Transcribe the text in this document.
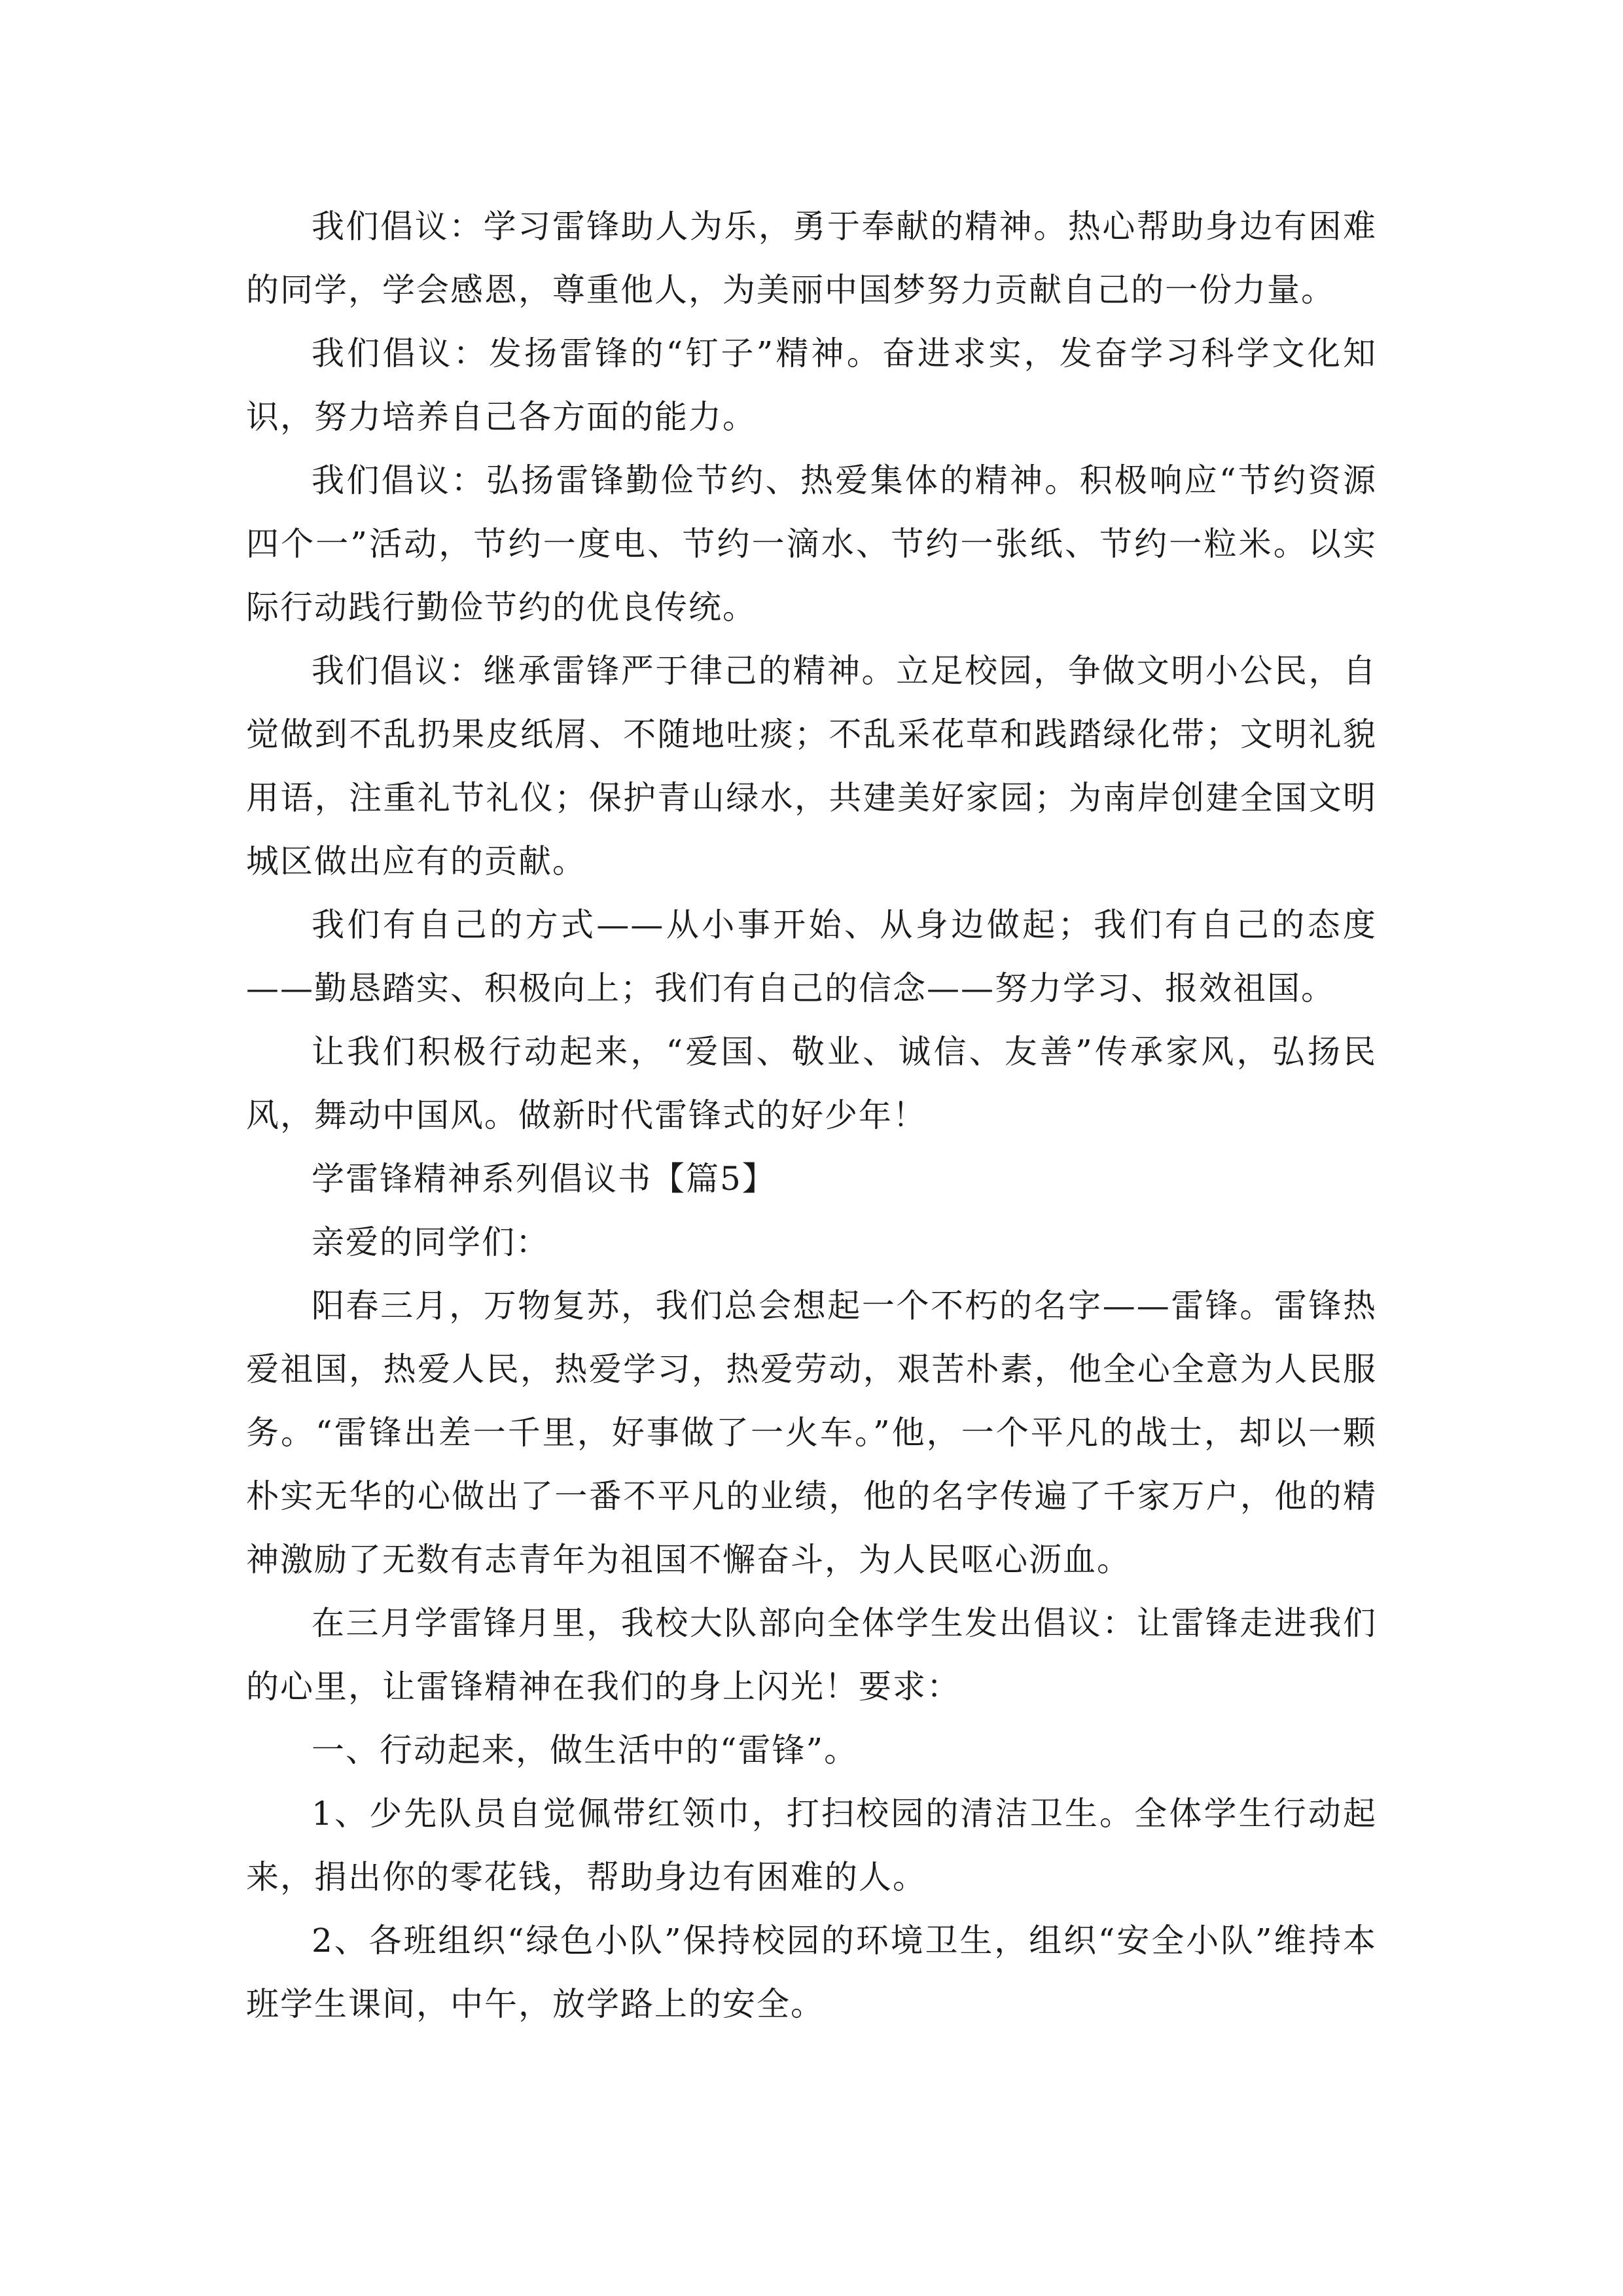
我们倡议：学习雷锋助人为乐，勇于奉献的精神。热心帮助身边有困难的同学，学会感恩，尊重他人，为美丽中国梦努力贡献自己的一份力量。

我们倡议：发扬雷锋的“钉子”精神。奋进求实，发奋学习科学文化知识，努力培养自己各方面的能力。

我们倡议：弘扬雷锋勤俭节约、热爱集体的精神。积极响应“节约资源四个一”活动，节约一度电、节约一滴水、节约一张纸、节约一粒米。以实际行动践行勤俭节约的优良传统。

我们倡议：继承雷锋严于律己的精神。立足校园，争做文明小公民，自觉做到不乱扔果皮纸屑、不随地吐痰；不乱采花草和践踏绿化带；文明礼貌用语，注重礼节礼仪；保护青山绿水，共建美好家园；为南岸创建全国文明城区做出应有的贡献。

我们有自己的方式——从小事开始、从身边做起；我们有自己的态度——勤恳踏实、积极向上；我们有自己的信念——努力学习、报效祖国。

让我们积极行动起来，“爱国、敬业、诚信、友善”传承家风，弘扬民风，舞动中国风。做新时代雷锋式的好少年！

学雷锋精神系列倡议书【篇5】

亲爱的同学们：

阳春三月，万物复苏，我们总会想起一个不朽的名字——雷锋。雷锋热爱祖国，热爱人民，热爱学习，热爱劳动，艰苦朴素，他全心全意为人民服务。“雷锋出差一千里，好事做了一火车。”他，一个平凡的战士，却以一颗朴实无华的心做出了一番不平凡的业绩，他的名字传遍了千家万户，他的精神激励了无数有志青年为祖国不懈奋斗，为人民呕心沥血。

在三月学雷锋月里，我校大队部向全体学生发出倡议：让雷锋走进我们的心里，让雷锋精神在我们的身上闪光！要求：

一、行动起来，做生活中的“雷锋”。

1、少先队员自觉佩带红领巾，打扫校园的清洁卫生。全体学生行动起来，捐出你的零花钱，帮助身边有困难的人。

2、各班组织“绿色小队”保持校园的环境卫生，组织“安全小队”维持本班学生课间，中午，放学路上的安全。
